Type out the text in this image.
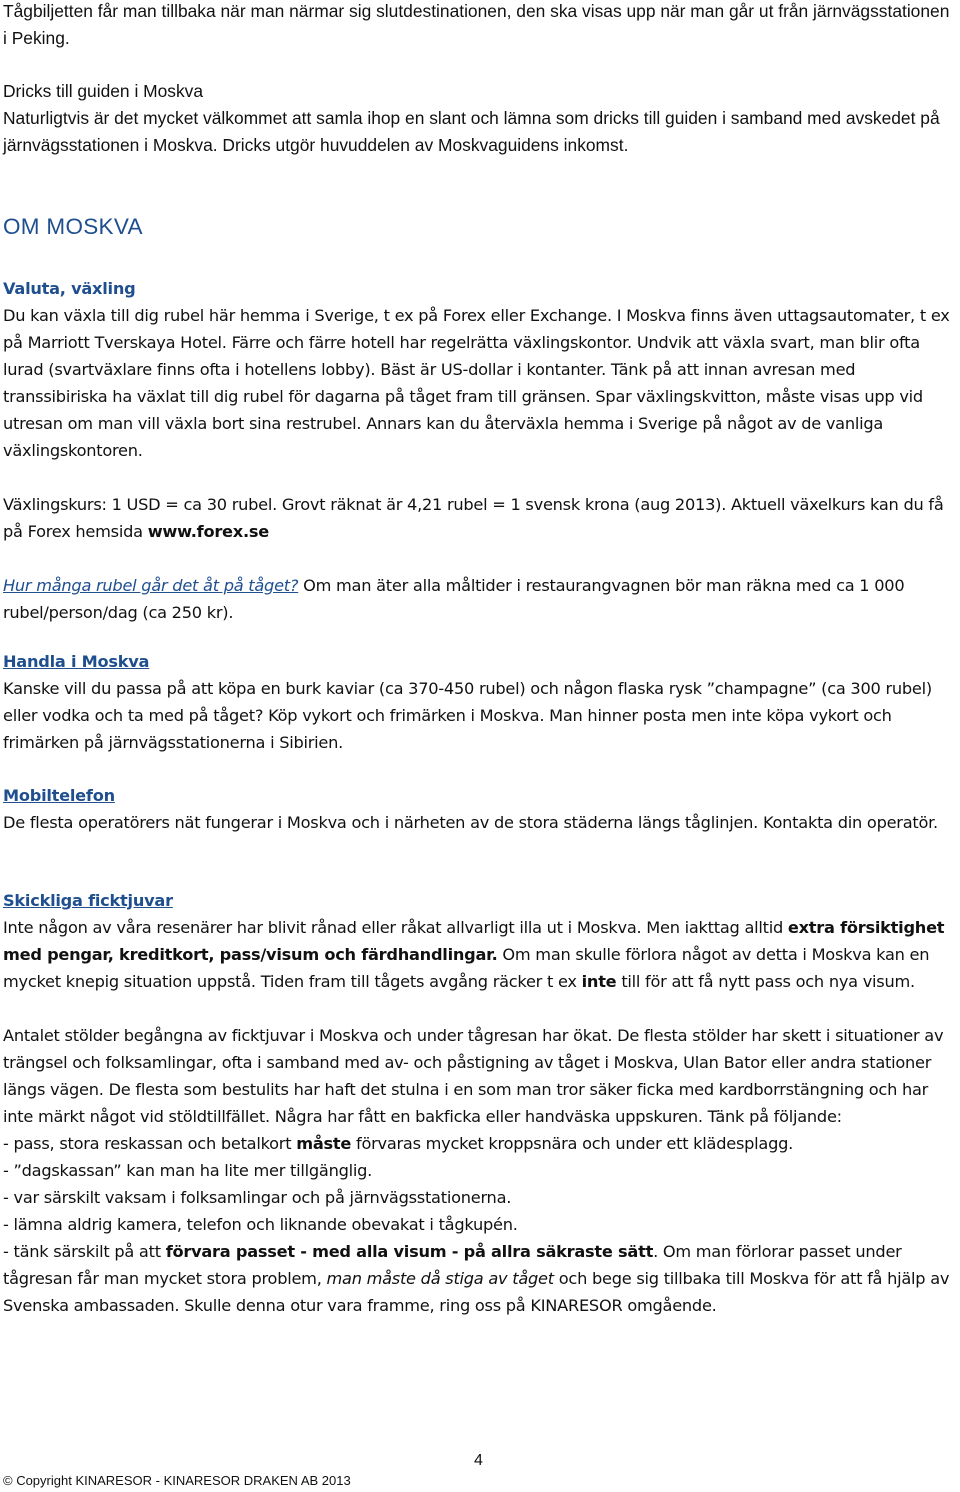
Tågbiljetten får man tillbaka när man närmar sig slutdestinationen, den ska visas upp när man går ut från järnvägsstationen i Peking.
Dricks till guiden i Moskva
Naturligtvis är det mycket välkommet att samla ihop en slant och lämna som dricks till guiden i samband med avskedet på järnvägsstationen i Moskva. Dricks utgör huvuddelen av Moskvaguidens inkomst.
OM MOSKVA
Valuta, växling
Du kan växla till dig rubel här hemma i Sverige, t ex på Forex eller Exchange. I Moskva finns även uttagsautomater, t ex på Marriott Tverskaya Hotel. Färre och färre hotell har regelrätta växlingskontor. Undvik att växla svart, man blir ofta lurad (svartväxlare finns ofta i hotellens lobby). Bäst är US-dollar i kontanter. Tänk på att innan avresan med transsibiriska ha växlat till dig rubel för dagarna på tåget fram till gränsen. Spar växlingskvitton, måste visas upp vid utresan om man vill växla bort sina restrubel. Annars kan du återväxla hemma i Sverige på något av de vanliga växlingskontoren.
Växlingskurs: 1 USD = ca 30 rubel. Grovt räknat är 4,21 rubel = 1 svensk krona (aug 2013). Aktuell växelkurs kan du få på Forex hemsida www.forex.se
Hur många rubel går det åt på tåget? Om man äter alla måltider i restaurangvagnen bör man räkna med ca 1 000 rubel/person/dag (ca 250 kr).
Handla i Moskva
Kanske vill du passa på att köpa en burk kaviar (ca 370-450 rubel) och någon flaska rysk ”champagne” (ca 300 rubel) eller vodka och ta med på tåget? Köp vykort och frimärken i Moskva. Man hinner posta men inte köpa vykort och frimärken på järnvägsstationerna i Sibirien.
Mobiltelefon
De flesta operatörers nät fungerar i Moskva och i närheten av de stora städerna längs tåglinjen. Kontakta din operatör.
Skickliga ficktjuvar
Inte någon av våra resenärer har blivit rånad eller råkat allvarligt illa ut i Moskva. Men iakttag alltid extra försiktighet med pengar, kreditkort, pass/visum och färdhandlingar. Om man skulle förlora något av detta i Moskva kan en mycket knepig situation uppstå. Tiden fram till tågets avgång räcker t ex inte till för att få nytt pass och nya visum.
Antalet stölder begångna av ficktjuvar i Moskva och under tågresan har ökat. De flesta stölder har skett i situationer av trängsel och folksamlingar, ofta i samband med av- och påstigning av tåget i Moskva, Ulan Bator eller andra stationer längs vägen. De flesta som bestulits har haft det stulna i en som man tror säker ficka med kardborrstängning och har inte märkt något vid stöldtillfället. Några har fått en bakficka eller handväska uppskuren. Tänk på följande:
- pass, stora reskassan och betalkort måste förvaras mycket kroppsnära och under ett klädesplagg.
- ”dagskassan” kan man ha lite mer tillgänglig.
- var särskilt vaksam i folksamlingar och på järnvägsstationerna.
- lämna aldrig kamera, telefon och liknande obevakat i tågkupén.
- tänk särskilt på att förvara passet - med alla visum - på allra säkraste sätt. Om man förlorar passet under tågresan får man mycket stora problem, man måste då stiga av tåget och bege sig tillbaka till Moskva för att få hjälp av Svenska ambassaden. Skulle denna otur vara framme, ring oss på KINARESOR omgående.
4
© Copyright KINARESOR - KINARESOR DRAKEN AB 2013
